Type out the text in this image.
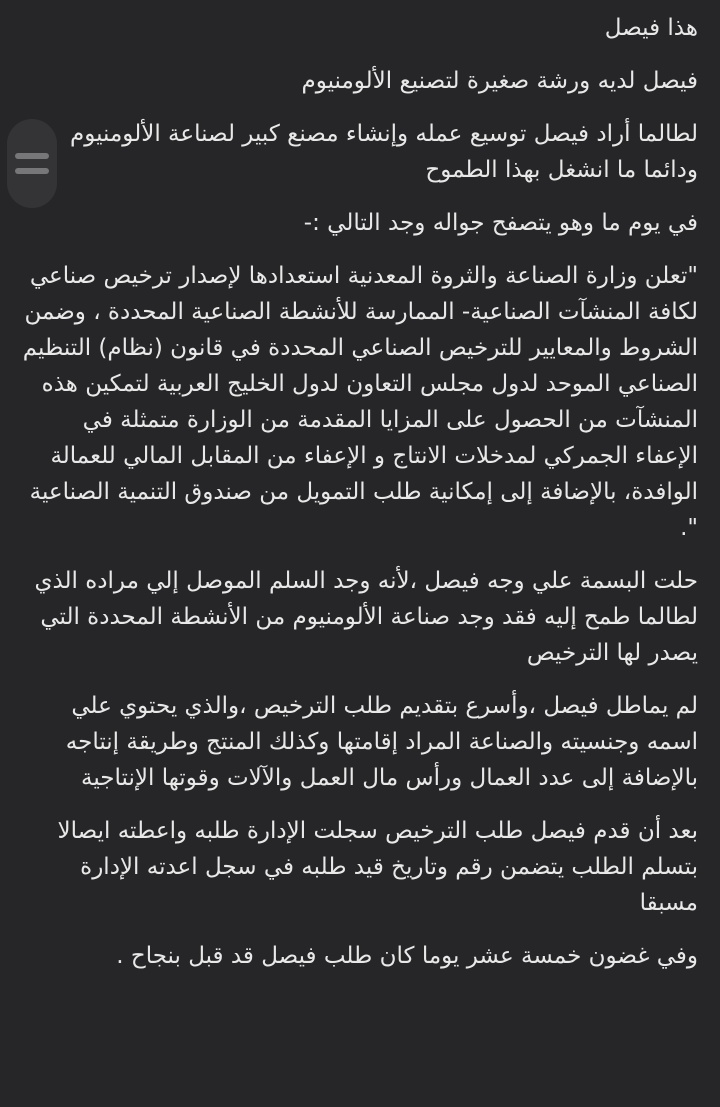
هذا فيصل

فيصل لديه ورشة صغيرة لتصنيع الألومنيوم

لطالما أراد فيصل توسيع عمله وإنشاء مصنع كبير لصناعة الألومنيوم ودائما ما انشغل بهذا الطموح

في يوم ما وهو يتصفح جواله وجد التالي :-

"تعلن وزارة الصناعة والثروة المعدنية استعدادها لإصدار ترخيص صناعي لكافة المنشآت الصناعية- الممارسة للأنشطة الصناعية المحددة ، وضمن الشروط والمعايير للترخيص الصناعي المحددة في قانون (نظام) التنظيم الصناعي الموحد لدول مجلس التعاون لدول الخليج العربية لتمكين هذه المنشآت من الحصول على المزايا المقدمة من الوزارة متمثلة في الإعفاء الجمركي لمدخلات الانتاج و الإعفاء من المقابل المالي للعمالة الوافدة، بالإضافة إلى إمكانية طلب التمويل من صندوق التنمية الصناعية ".

حلت البسمة علي وجه فيصل ،لأنه وجد السلم الموصل إلي مراده الذي لطالما طمح إليه فقد وجد صناعة الألومنيوم من الأنشطة المحددة التي يصدر لها الترخيص

لم يماطل فيصل ،وأسرع بتقديم طلب الترخيص ،والذي يحتوي علي اسمه وجنسيته والصناعة المراد إقامتها وكذلك المنتج وطريقة إنتاجه بالإضافة إلى عدد العمال ورأس مال العمل والآلات وقوتها الإنتاجية

بعد أن قدم فيصل طلب الترخيص سجلت الإدارة طلبه واعطته ايصالا بتسلم الطلب يتضمن رقم وتاريخ قيد طلبه في سجل اعدته الإدارة مسبقا

وفي غضون خمسة عشر يوما كان طلب فيصل قد قبل بنجاح .
